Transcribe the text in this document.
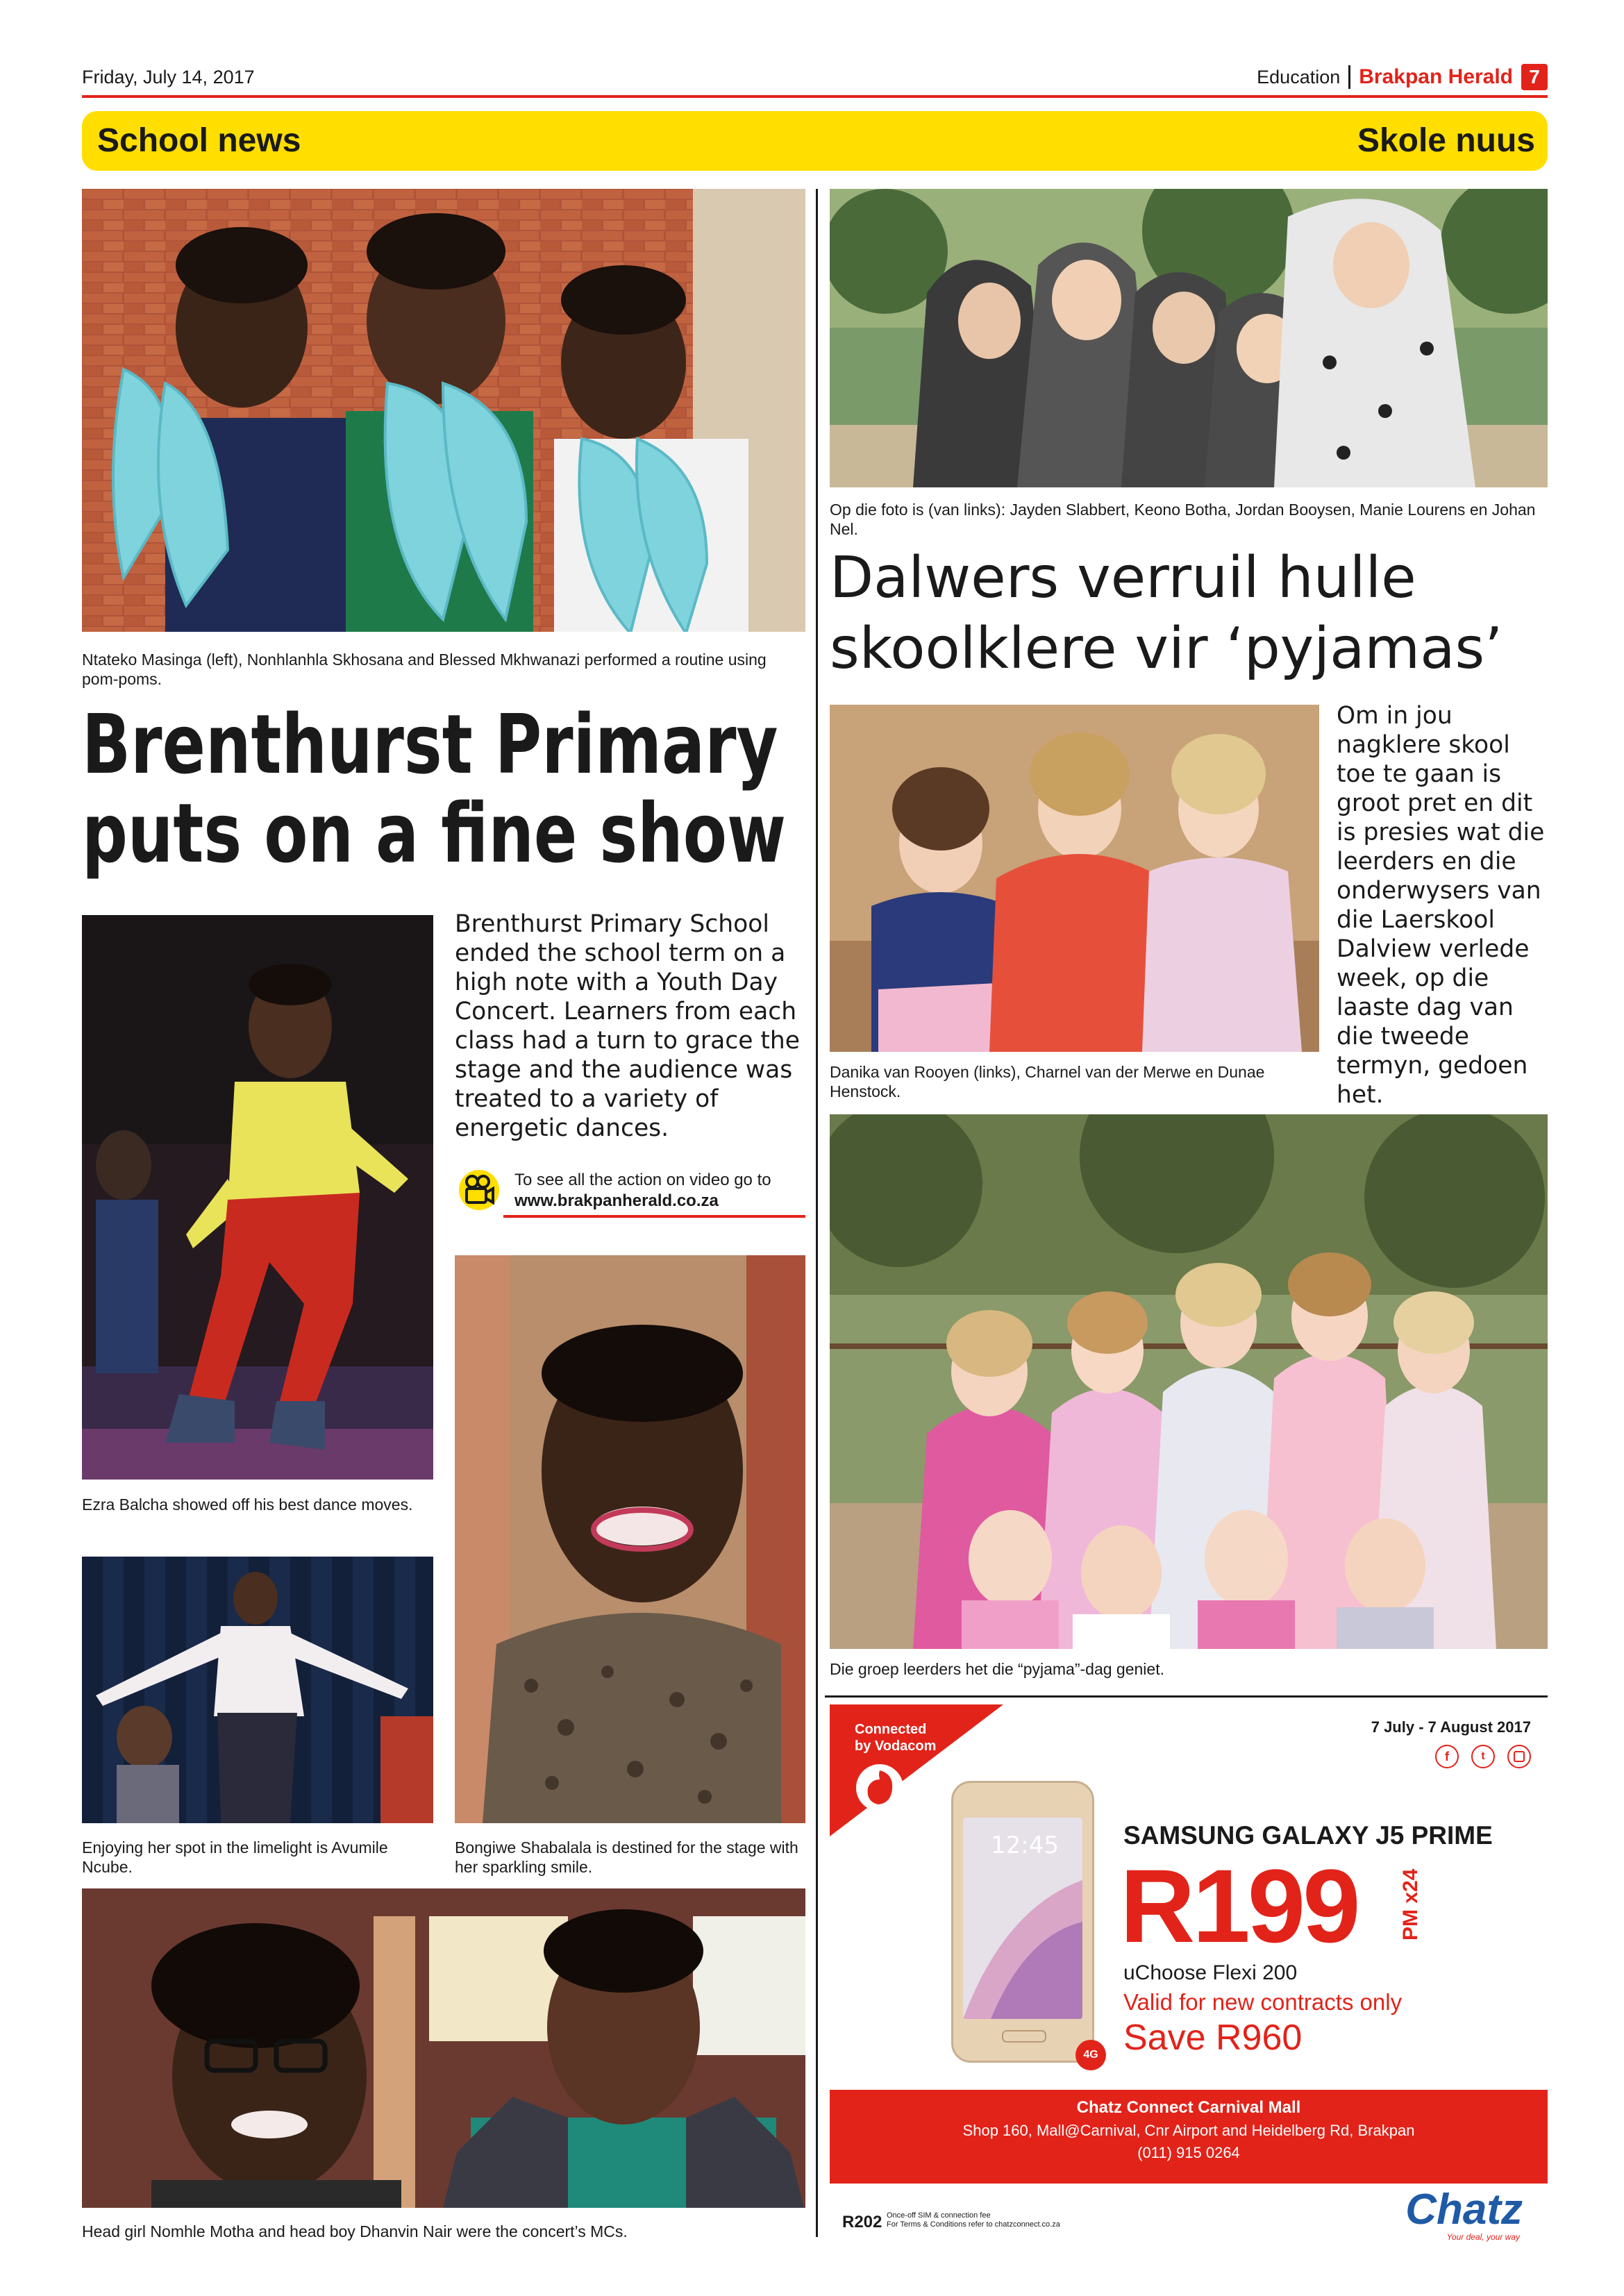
Friday, July 14, 2017	Education Brakpan Herald 7
School news	Skole nuus
Ntateko Masinga (left), Nonhlanhla Skhosana and Blessed Mkhwanazi performed a routine using pom-poms.
Brenthurst Primary
puts on a fine show
Ezra Balcha showed off his best dance moves.
Enjoying her spot in the limelight is Avumile Ncube.
Brenthurst Primary School ended the school term on a high note with a Youth Day Concert. Learners from each class had a turn to grace the stage and the audience was treated to a variety of energetic dances.
To see all the action on video go to
www.brakpanherald.co.za
Bongiwe Shabalala is destined for the stage with her sparkling smile.
Head girl Nomhle Motha and head boy Dhanvin Nair were the concert’s MCs.
Op die foto is (van links): Jayden Slabbert, Keono Botha, Jordan Booysen, Manie Lourens en Johan Nel.
Dalwers verruil hulle
skoolklere vir ‘pyjamas’
Danika van Rooyen (links), Charnel van der Merwe en Dunae Henstock.
Om in jou nagklere skool toe te gaan is groot pret en dit is presies wat die leerders en die onderwysers van die Laerskool Dalview verlede week, op die laaste dag van die tweede termyn, gedoen het.
Die groep leerders het die “pyjama”-dag geniet.
Connected
by Vodacom
7 July - 7 August 2017
f	t
12:45
4G
SAMSUNG GALAXY J5 PRIME
R199 PM x24
uChoose Flexi 200
Valid for new contracts only
Save R960
Chatz Connect Carnival Mall
Shop 160, Mall@Carnival, Cnr Airport and Heidelberg Rd, Brakpan
(011) 915 0264
R202 Once-off SIM & connection fee
For Terms & Conditions refer to chatzconnect.co.za	Chatz
Your deal, your way
